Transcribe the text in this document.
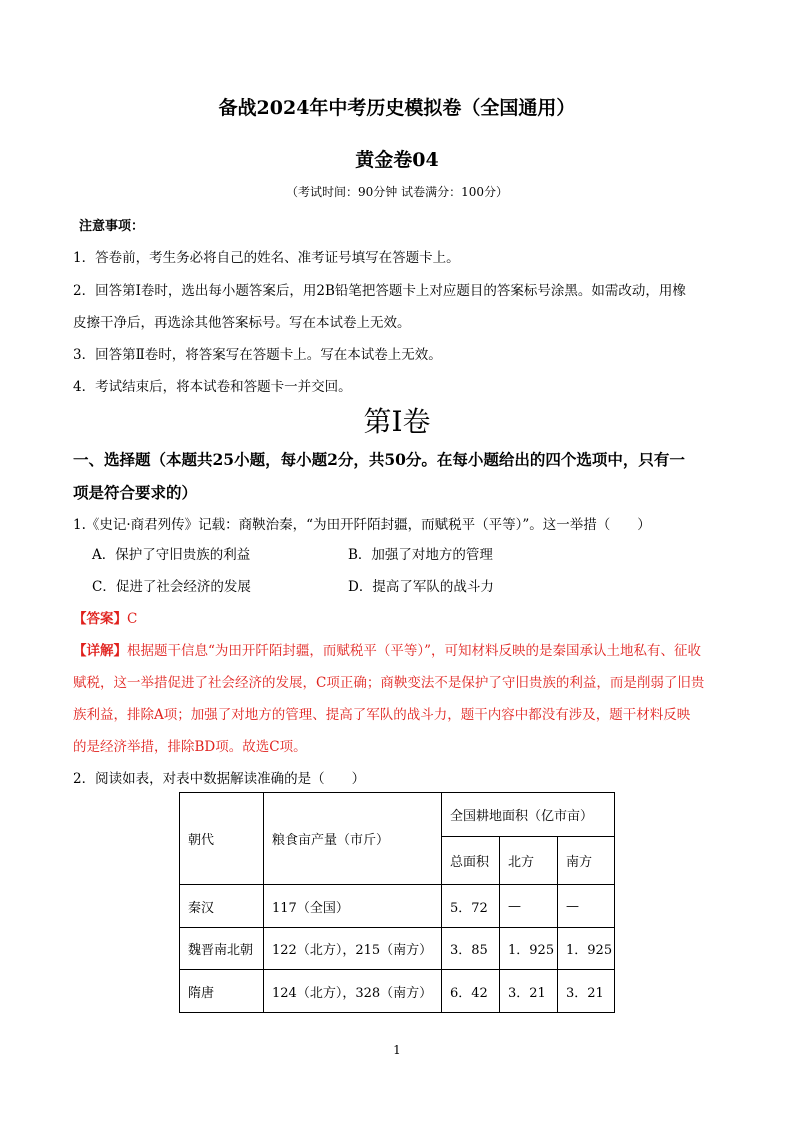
备战2024年中考历史模拟卷（全国通用）
黄金卷04
（考试时间：90分钟 试卷满分：100分）
注意事项：
1．答卷前，考生务必将自己的姓名、准考证号填写在答题卡上。
2．回答第Ⅰ卷时，选出每小题答案后，用2B铅笔把答题卡上对应题目的答案标号涂黑。如需改动，用橡
皮擦干净后，再选涂其他答案标号。写在本试卷上无效。
3．回答第Ⅱ卷时，将答案写在答题卡上。写在本试卷上无效。
4．考试结束后，将本试卷和答题卡一并交回。
第Ⅰ卷
一、选择题（本题共25小题，每小题2分，共50分。在每小题给出的四个选项中，只有一
项是符合要求的）
1.《史记·商君列传》记载：商鞅治秦，“为田开阡陌封疆，而赋税平（平等）”。这一举措（　　）
A．保护了守旧贵族的利益	B．加强了对地方的管理
C．促进了社会经济的发展	D．提高了军队的战斗力
【答案】C
【详解】根据题干信息“为田开阡陌封疆，而赋税平（平等）”，可知材料反映的是秦国承认土地私有、征收
赋税，这一举措促进了社会经济的发展，C项正确；商鞅变法不是保护了守旧贵族的利益，而是削弱了旧贵
族利益，排除A项；加强了对地方的管理、提高了军队的战斗力，题干内容中都没有涉及，题干材料反映
的是经济举措，排除BD项。故选C项。
2．阅读如表，对表中数据解读准确的是（　　）
朝代	粮食亩产量（市斤）	全国耕地面积（亿市亩）		
		总面积	北方	南方
秦汉	117（全国）	5．72	—	—
魏晋南北朝	122（北方），215（南方）	3．85	1．925	1．925
隋唐	124（北方），328（南方）	6．42	3．21	3．21
1
